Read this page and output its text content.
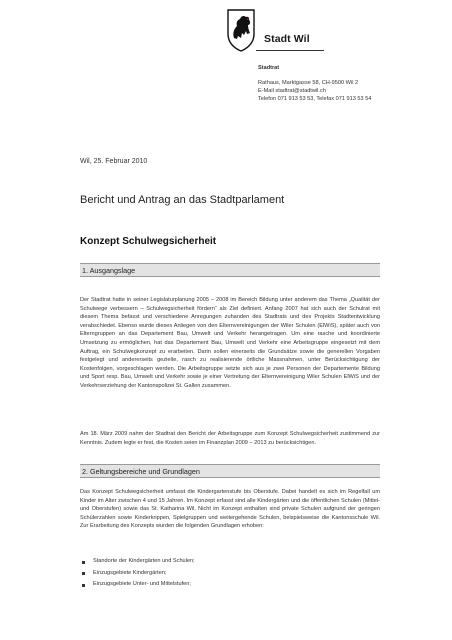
Stadt Wil
Stadtrat
Rathaus, Marktgasse 58, CH-9500 Wil 2
E-Mail stadtrat@stadtwil.ch
Telefon 071 913 53 53, Telefax 071 913 53 54
Wil, 25. Februar 2010
Bericht und Antrag an das Stadtparlament
Konzept Schulwegsicherheit
1. Ausgangslage
Der Stadtrat hatte in seiner Legislaturplanung 2005 – 2008 im Bereich Bildung unter anderem das Thema „Qualität der Schulwege verbessern – Schulwegsicherheit fördern“ als Ziel definiert. Anfang 2007 hat sich auch der Schulrat mit diesem Thema befasst und verschiedene Anregungen zuhanden des Stadtrats und des Projekts Stadtentwicklung verabschiedet. Ebenso wurde dieses Anliegen von den Elternvereinigungen der Wiler Schulen (ElWiS), später auch von Elterngruppen an das Departement Bau, Umwelt und Verkehr herangetragen. Um eine rasche und koordinierte Umsetzung zu ermöglichen, hat das Departement Bau, Umwelt und Verkehr eine Arbeitsgruppe eingesetzt mit dem Auftrag, ein Schulwegkonzept zu erarbeiten. Darin sollen einerseits die Grundsätze sowie die generellen Vorgaben festgelegt und andererseits gezielte, rasch zu realisierende örtliche Massnahmen, unter Berücksichtigung der Kostenfolgen, vorgeschlagen werden. Die Arbeitsgruppe setzte sich aus je zwei Personen der Departemente Bildung und Sport resp. Bau, Umwelt und Verkehr sowie je einer Vertretung der Elternvereinigung Wiler Schulen ElWiS und der Verkehrserziehung der Kantonspolizei St. Gallen zusammen.
Am 18. März 2009 nahm der Stadtrat den Bericht der Arbeitsgruppe zum Konzept Schulwegsicherheit zustimmend zur Kenntnis. Zudem legte er fest, die Kosten seien im Finanzplan 2009 – 2013 zu berücksichtigen.
2. Geltungsbereiche und Grundlagen
Das Konzept Schulwegsicherheit umfasst die Kindergartenstufe bis Oberstufe. Dabei handelt es sich im Regelfall um Kinder im Alter zwischen 4 und 15 Jahren. Im Konzept erfasst sind alle Kindergärten und die öffentlichen Schulen (Mittel- und Oberstufen) sowie das St. Katharina Wil. Nicht im Konzept enthalten sind private Schulen aufgrund der geringen Schülerzahlen sowie Kinderkrippen, Spielgruppen und weitergehende Schulen, beispielsweise die Kantonsschule Wil. Zur Erarbeitung des Konzepts wurden die folgenden Grundlagen erhoben:
Standorte der Kindergärten und Schulen;
Einzugsgebiete Kindergärten;
Einzugsgebiete Unter- und Mittelstufen;
